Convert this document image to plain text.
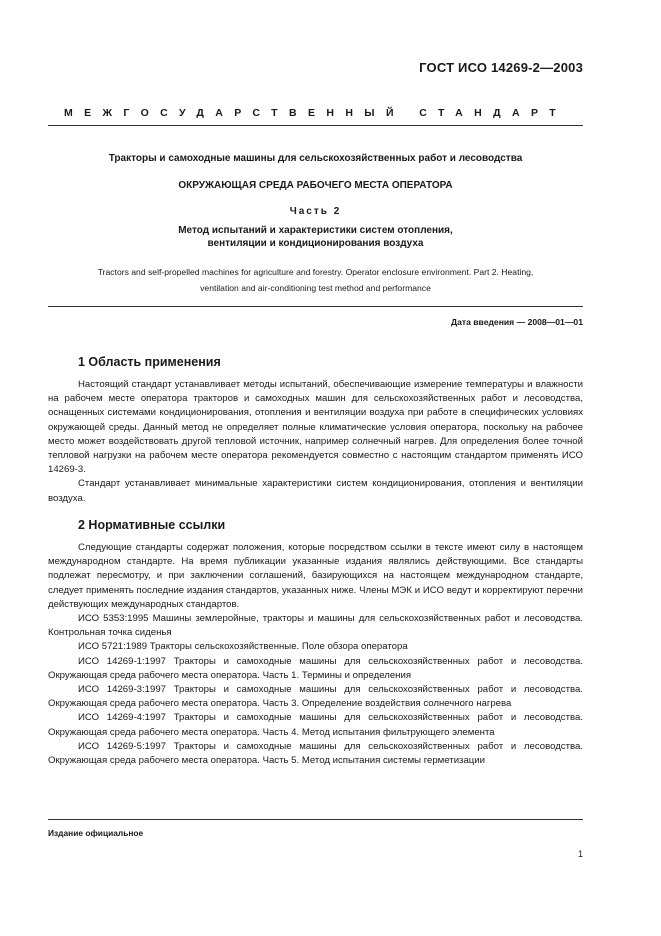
ГОСТ ИСО 14269-2—2003
МЕЖГОСУДАРСТВЕННЫЙ СТАНДАРТ
Тракторы и самоходные машины для сельскохозяйственных работ и лесоводства
ОКРУЖАЮЩАЯ СРЕДА РАБОЧЕГО МЕСТА ОПЕРАТОРА
Часть 2
Метод испытаний и характеристики систем отопления,
вентиляции и кондиционирования воздуха
Tractors and self-propelled machines for agriculture and forestry. Operator enclosure environment. Part 2. Heating,
ventilation and air-conditioning test method and performance
Дата введения — 2008—01—01
1 Область применения

Настоящий стандарт устанавливает методы испытаний, обеспечивающие измерение температуры и влажности на рабочем месте оператора тракторов и самоходных машин для сельскохозяйственных работ и лесоводства, оснащенных системами кондиционирования, отопления и вентиляции воздуха при работе в специфических условиях окружающей среды. Данный метод не определяет полные климатические условия оператора, поскольку на рабочее место может воздействовать другой тепловой источник, например солнечный нагрев. Для определения более точной тепловой нагрузки на рабочем месте оператора рекомендуется совместно с настоящим стандартом применять ИСО 14269-3.

Стандарт устанавливает минимальные характеристики систем кондиционирования, отопления и вентиляции воздуха.

2 Нормативные ссылки

Следующие стандарты содержат положения, которые посредством ссылки в тексте имеют силу в настоящем международном стандарте. На время публикации указанные издания являлись действующими. Все стандарты подлежат пересмотру, и при заключении соглашений, базирующихся на настоящем международном стандарте, следует применять последние издания стандартов, указанных ниже. Члены МЭК и ИСО ведут и корректируют перечни действующих международных стандартов.

ИСО 5353:1995 Машины землеройные, тракторы и машины для сельскохозяйственных работ и лесоводства. Контрольная точка сиденья

ИСО 5721:1989 Тракторы сельскохозяйственные. Поле обзора оператора

ИСО 14269-1:1997 Тракторы и самоходные машины для сельскохозяйственных работ и лесоводства. Окружающая среда рабочего места оператора. Часть 1. Термины и определения

ИСО 14269-3:1997 Тракторы и самоходные машины для сельскохозяйственных работ и лесоводства. Окружающая среда рабочего места оператора. Часть 3. Определение воздействия солнечного нагрева

ИСО 14269-4:1997 Тракторы и самоходные машины для сельскохозяйственных работ и лесоводства. Окружающая среда рабочего места оператора. Часть 4. Метод испытания фильтрующего элемента

ИСО 14269-5:1997 Тракторы и самоходные машины для сельскохозяйственных работ и лесоводства. Окружающая среда рабочего места оператора. Часть 5. Метод испытания системы герметизации

Издание официальное
1
